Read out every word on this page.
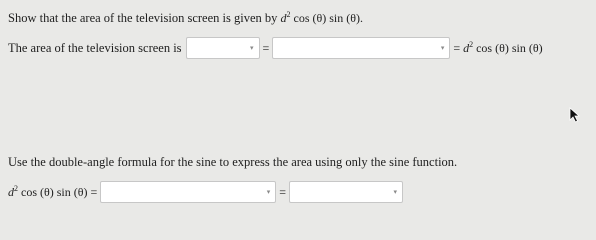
Show that the area of the television screen is given by $d^2$ cos (θ) sin (θ).
The area of the television screen is	▾ =	▾ = $d^2$ cos (θ) sin (θ)
Use the double-angle formula for the sine to express the area using only the sine function.
$d^2$ cos (θ) sin (θ) =	▾ =	▾
